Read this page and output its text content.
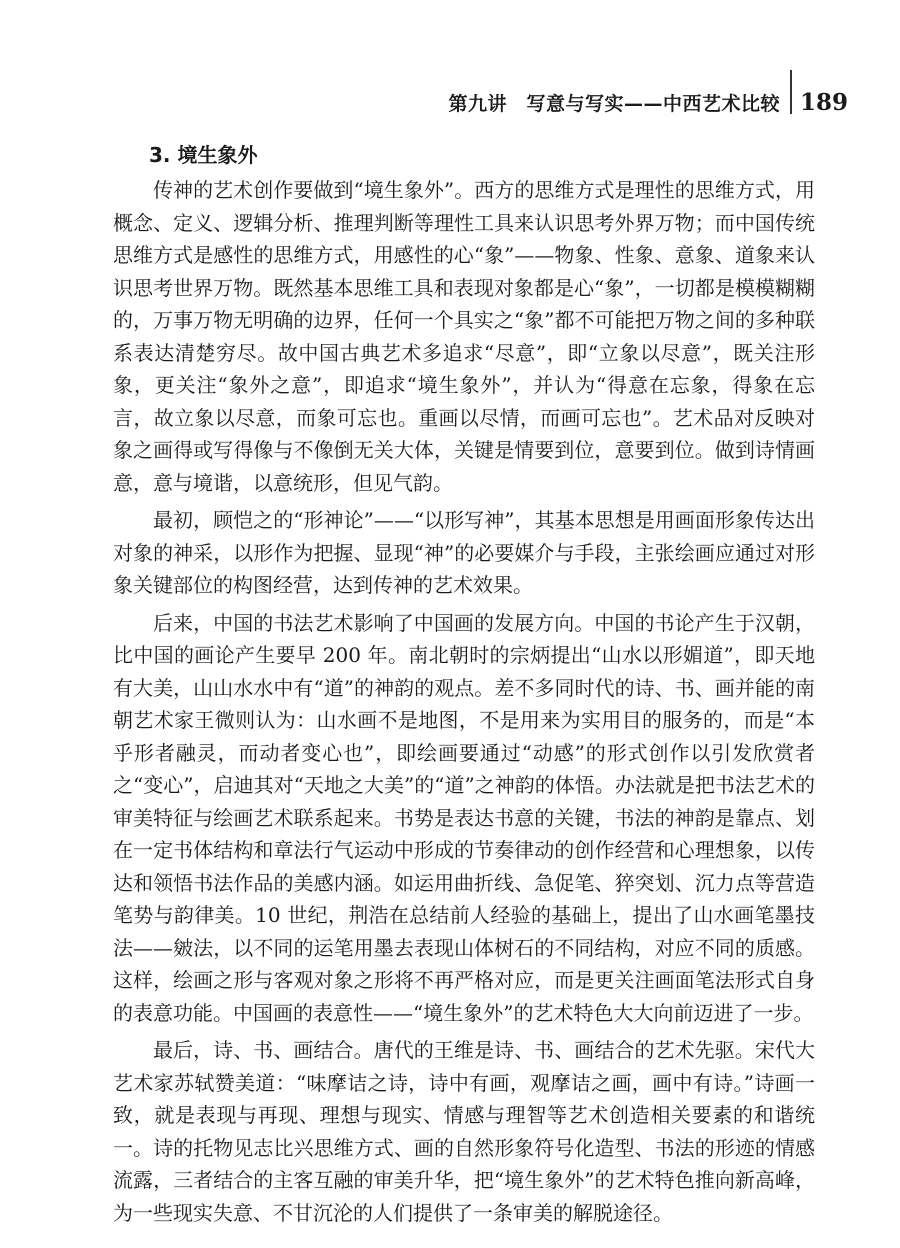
第九讲　写意与写实——中西艺术比较 189
3. 境生象外

传神的艺术创作要做到“境生象外”。西方的思维方式是理性的思维方式，用概念、定义、逻辑分析、推理判断等理性工具来认识思考外界万物；而中国传统思维方式是感性的思维方式，用感性的心“象”——物象、性象、意象、道象来认识思考世界万物。既然基本思维工具和表现对象都是心“象”，一切都是模模糊糊的，万事万物无明确的边界，任何一个具实之“象”都不可能把万物之间的多种联系表达清楚穷尽。故中国古典艺术多追求“尽意”，即“立象以尽意”，既关注形象，更关注“象外之意”，即追求“境生象外”，并认为“得意在忘象，得象在忘言，故立象以尽意，而象可忘也。重画以尽情，而画可忘也”。艺术品对反映对象之画得或写得像与不像倒无关大体，关键是情要到位，意要到位。做到诗情画意，意与境谐，以意统形，但见气韵。

最初，顾恺之的“形神论”——“以形写神”，其基本思想是用画面形象传达出对象的神采，以形作为把握、显现“神”的必要媒介与手段，主张绘画应通过对形象关键部位的构图经营，达到传神的艺术效果。

后来，中国的书法艺术影响了中国画的发展方向。中国的书论产生于汉朝，比中国的画论产生要早 200 年。南北朝时的宗炳提出“山水以形媚道”，即天地有大美，山山水水中有“道”的神韵的观点。差不多同时代的诗、书、画并能的南朝艺术家王微则认为：山水画不是地图，不是用来为实用目的服务的，而是“本乎形者融灵，而动者变心也”，即绘画要通过“动感”的形式创作以引发欣赏者之“变心”，启迪其对“天地之大美”的“道”之神韵的体悟。办法就是把书法艺术的审美特征与绘画艺术联系起来。书势是表达书意的关键，书法的神韵是靠点、划在一定书体结构和章法行气运动中形成的节奏律动的创作经营和心理想象，以传达和领悟书法作品的美感内涵。如运用曲折线、急促笔、猝突划、沉力点等营造笔势与韵律美。10 世纪，荆浩在总结前人经验的基础上，提出了山水画笔墨技法——皴法，以不同的运笔用墨去表现山体树石的不同结构，对应不同的质感。这样，绘画之形与客观对象之形将不再严格对应，而是更关注画面笔法形式自身的表意功能。中国画的表意性——“境生象外”的艺术特色大大向前迈进了一步。

最后，诗、书、画结合。唐代的王维是诗、书、画结合的艺术先驱。宋代大艺术家苏轼赞美道：“味摩诘之诗，诗中有画，观摩诘之画，画中有诗。”诗画一致，就是表现与再现、理想与现实、情感与理智等艺术创造相关要素的和谐统一。诗的托物见志比兴思维方式、画的自然形象符号化造型、书法的形迹的情感流露，三者结合的主客互融的审美升华，把“境生象外”的艺术特色推向新高峰，为一些现实失意、不甘沉沦的人们提供了一条审美的解脱途径。
